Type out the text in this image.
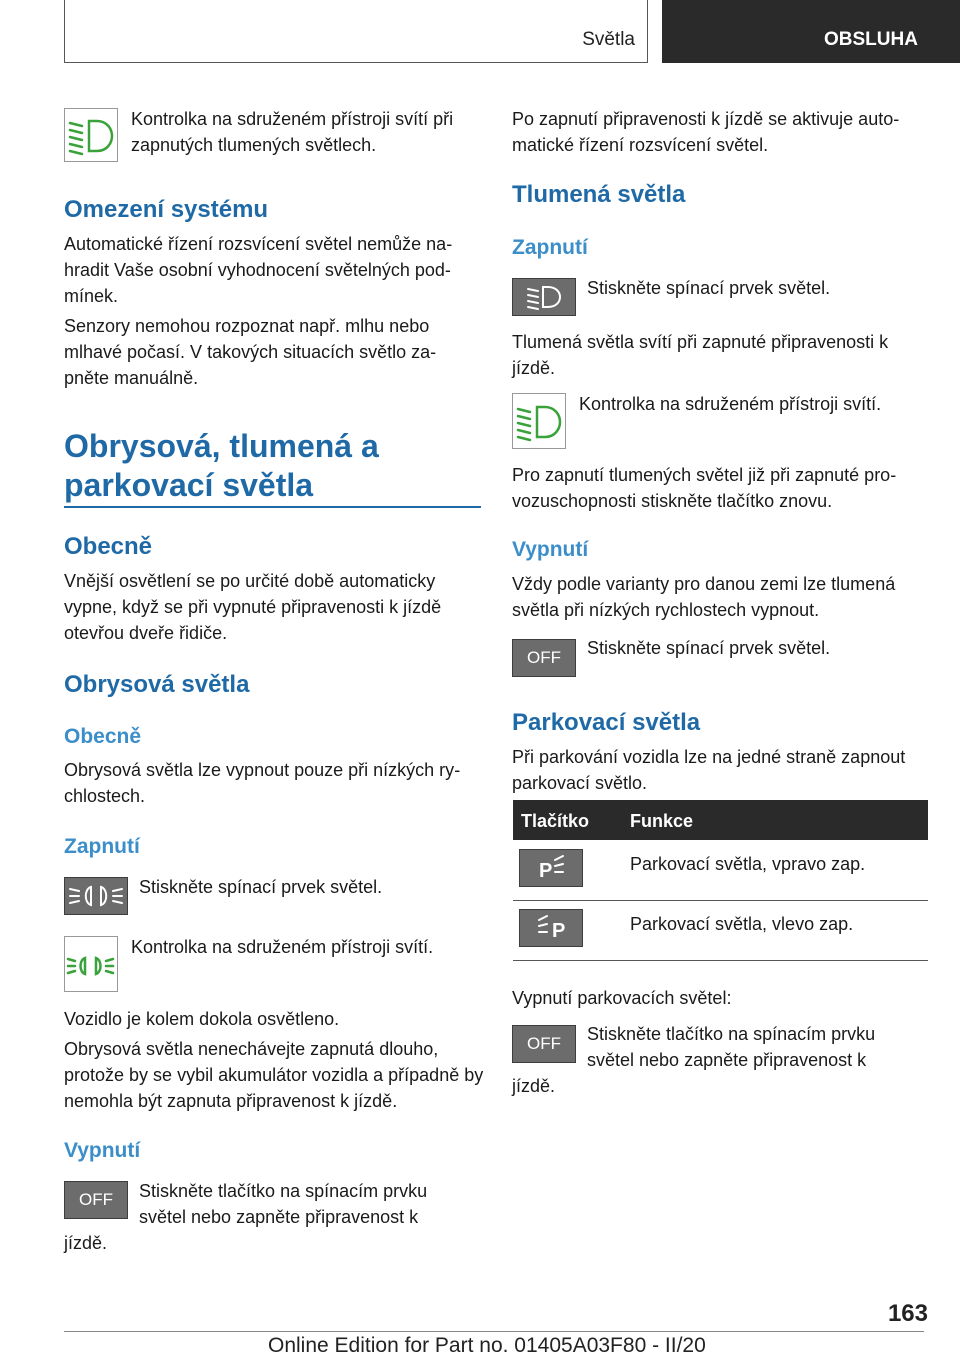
Světla	OBSLUHA
Kontrolka na sdruženém přístroji svítí při zapnutých tlumených světlech.
Omezení systému
Automatické řízení rozsvícení světel nemůže nahradit Vaše osobní vyhodnocení světelných podmínek.
Senzory nemohou rozpoznat např. mlhu nebo mlhavé počasí. V takových situacích světlo zapněte manuálně.
Obrysová, tlumená a
parkovací světla
Obecně
Vnější osvětlení se po určité době automaticky vypne, když se při vypnuté připravenosti k jízdě otevřou dveře řidiče.
Obrysová světla
Obecně
Obrysová světla lze vypnout pouze při nízkých rychlostech.
Zapnutí
Stiskněte spínací prvek světel.
Kontrolka na sdruženém přístroji svítí.
Vozidlo je kolem dokola osvětleno.
Obrysová světla nenechávejte zapnutá dlouho, protože by se vybil akumulátor vozidla a případně by nemohla být zapnuta připravenost k jízdě.
Vypnutí
OFF	Stiskněte tlačítko na spínacím prvku světel nebo zapněte připravenost k
jízdě.
Po zapnutí připravenosti k jízdě se aktivuje automatické řízení rozsvícení světel.
Tlumená světla
Zapnutí
Stiskněte spínací prvek světel.
Tlumená světla svítí při zapnuté připravenosti k jízdě.
Kontrolka na sdruženém přístroji svítí.
Pro zapnutí tlumených světel již při zapnuté provozuschopnosti stiskněte tlačítko znovu.
Vypnutí
Vždy podle varianty pro danou zemi lze tlumená světla při nízkých rychlostech vypnout.
OFF	Stiskněte spínací prvek světel.
Parkovací světla
Při parkování vozidla lze na jedné straně zapnout parkovací světlo.
Tlačítko Funkce
P	Parkovací světla, vpravo zap.
P	Parkovací světla, vlevo zap.
Vypnutí parkovacích světel:
OFF	Stiskněte tlačítko na spínacím prvku světel nebo zapněte připravenost k
jízdě.
163
Online Edition for Part no. 01405A03F80 - II/20
